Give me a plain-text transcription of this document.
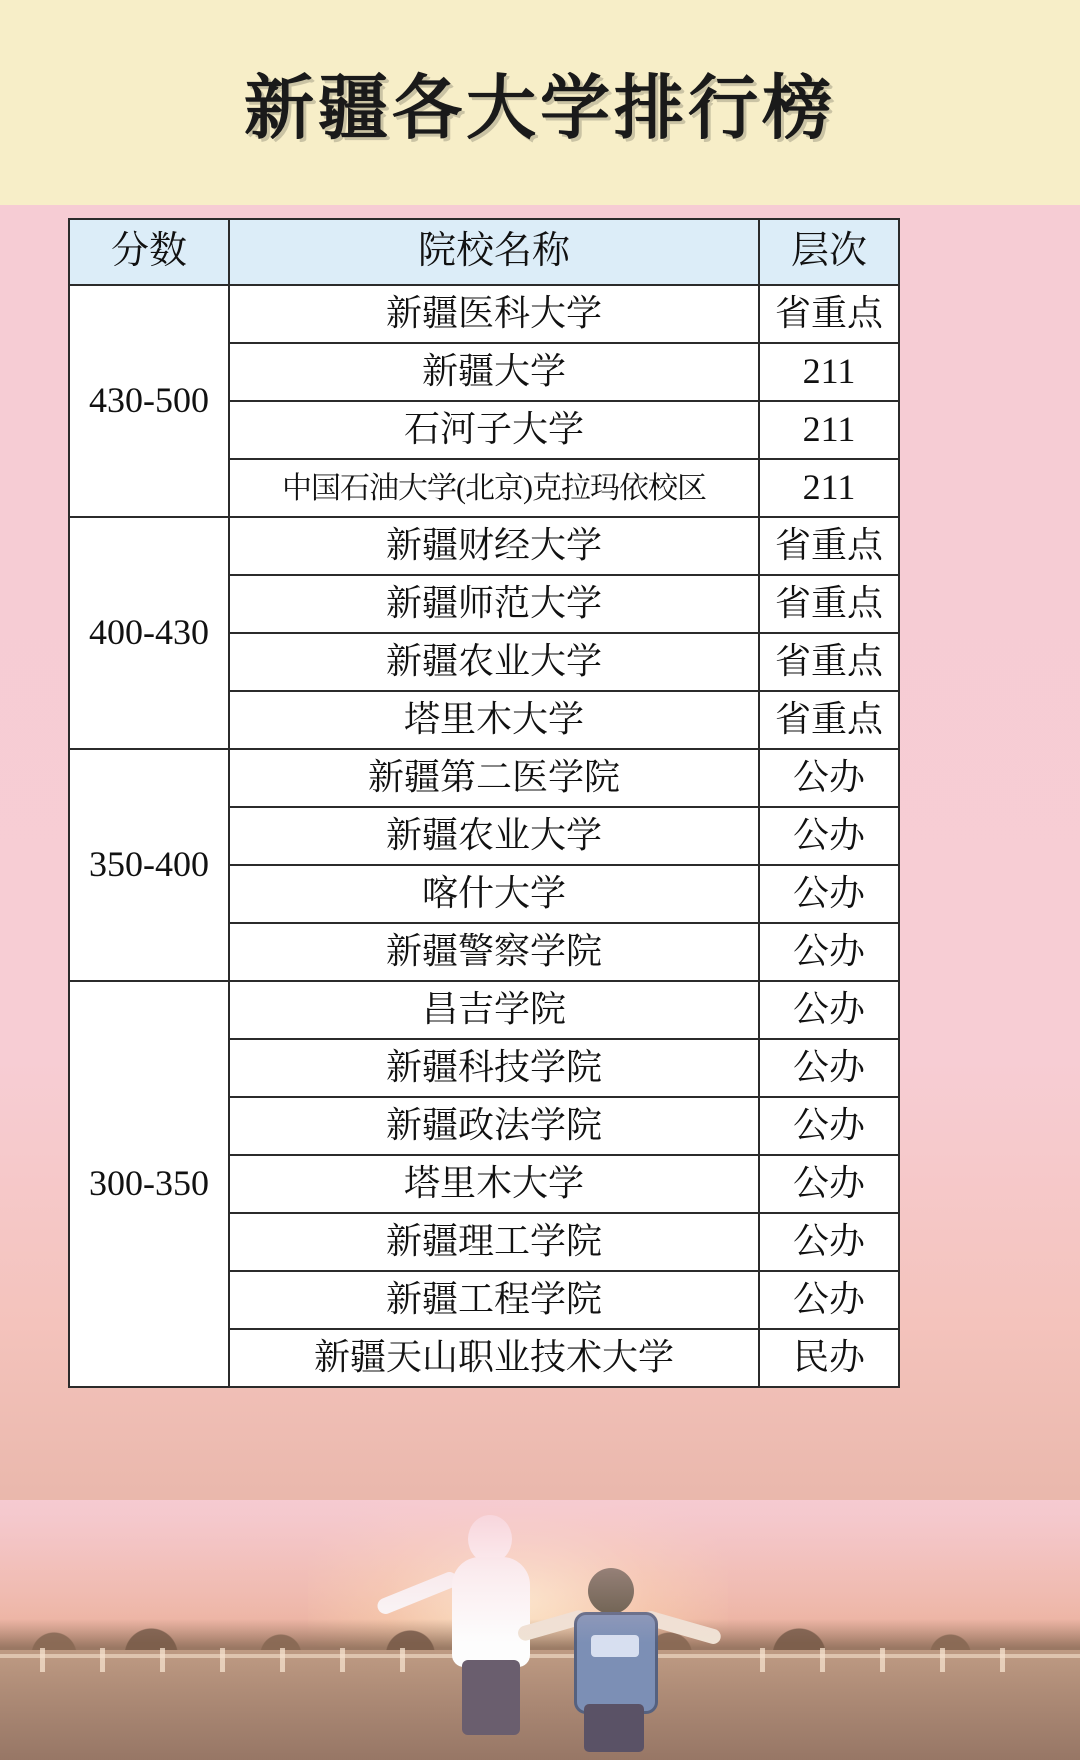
新疆各大学排行榜
分数	院校名称	层次
430-500	新疆医科大学	省重点
	新疆大学	211
	石河子大学	211
	中国石油大学(北京)克拉玛依校区	211
400-430	新疆财经大学	省重点
	新疆师范大学	省重点
	新疆农业大学	省重点
	塔里木大学	省重点
350-400	新疆第二医学院	公办
	新疆农业大学	公办
	喀什大学	公办
	新疆警察学院	公办
300-350	昌吉学院	公办
	新疆科技学院	公办
	新疆政法学院	公办
	塔里木大学	公办
	新疆理工学院	公办
	新疆工程学院	公办
	新疆天山职业技术大学	民办
